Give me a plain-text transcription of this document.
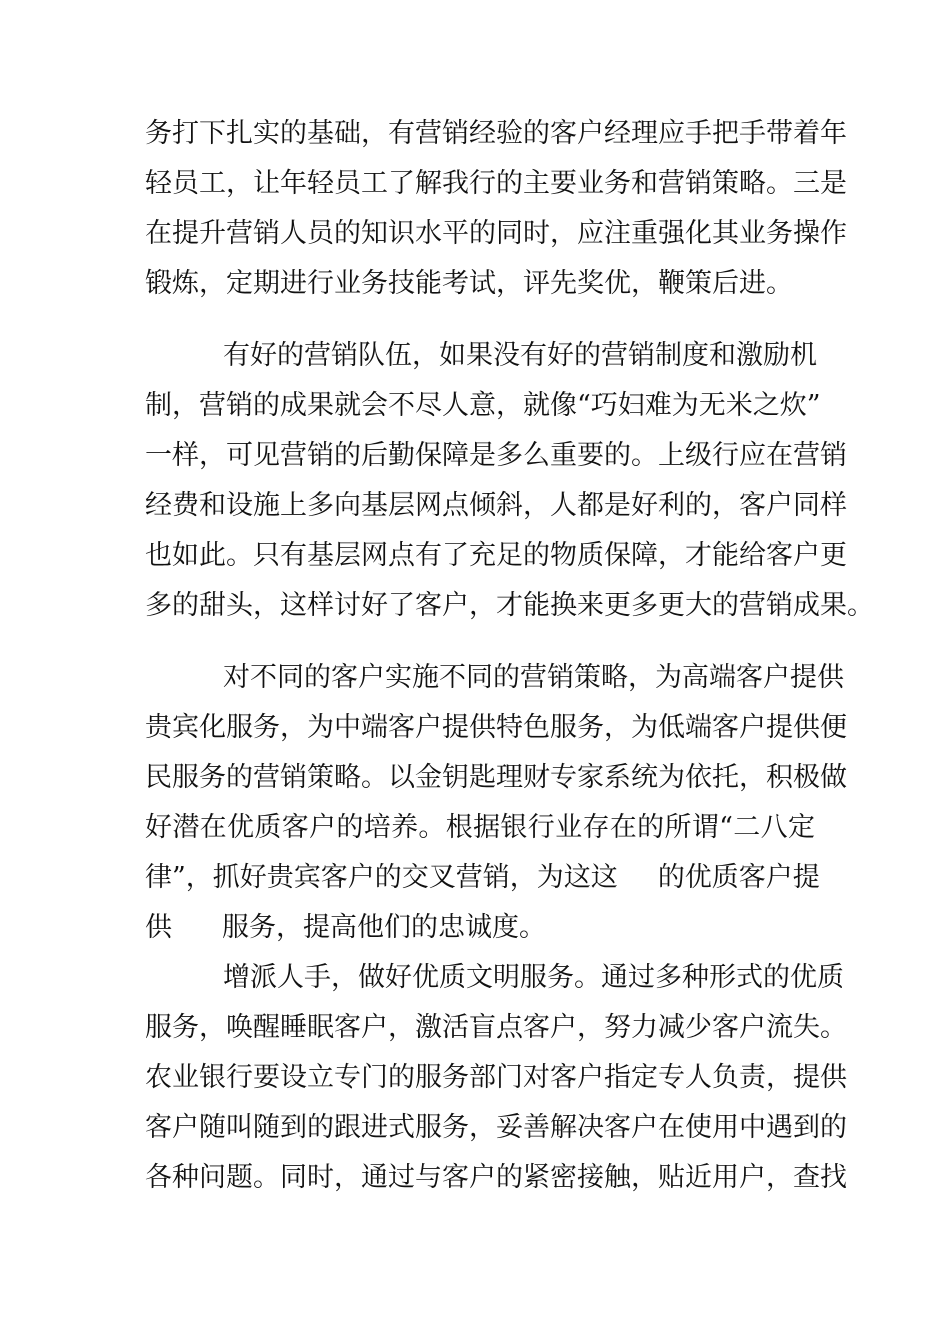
务打下扎实的基础，有营销经验的客户经理应手把手带着年
轻员工，让年轻员工了解我行的主要业务和营销策略。三是
在提升营销人员的知识水平的同时，应注重强化其业务操作
锻炼，定期进行业务技能考试，评先奖优，鞭策后进。
有好的营销队伍，如果没有好的营销制度和激励机
制，营销的成果就会不尽人意，就像“巧妇难为无米之炊”
一样，可见营销的后勤保障是多么重要的。上级行应在营销
经费和设施上多向基层网点倾斜，人都是好利的，客户同样
也如此。只有基层网点有了充足的物质保障，才能给客户更
多的甜头，这样讨好了客户，才能换来更多更大的营销成果。
对不同的客户实施不同的营销策略，为高端客户提供
贵宾化服务，为中端客户提供特色服务，为低端客户提供便
民服务的营销策略。以金钥匙理财专家系统为依托，积极做
好潜在优质客户的培养。根据银行业存在的所谓“二八定
律”，抓好贵宾客户的交叉营销，为这这 的优质客户提
供 服务，提高他们的忠诚度。
增派人手，做好优质文明服务。通过多种形式的优质
服务，唤醒睡眠客户，激活盲点客户，努力减少客户流失。
农业银行要设立专门的服务部门对客户指定专人负责，提供
客户随叫随到的跟进式服务，妥善解决客户在使用中遇到的
各种问题。同时，通过与客户的紧密接触，贴近用户，查找
